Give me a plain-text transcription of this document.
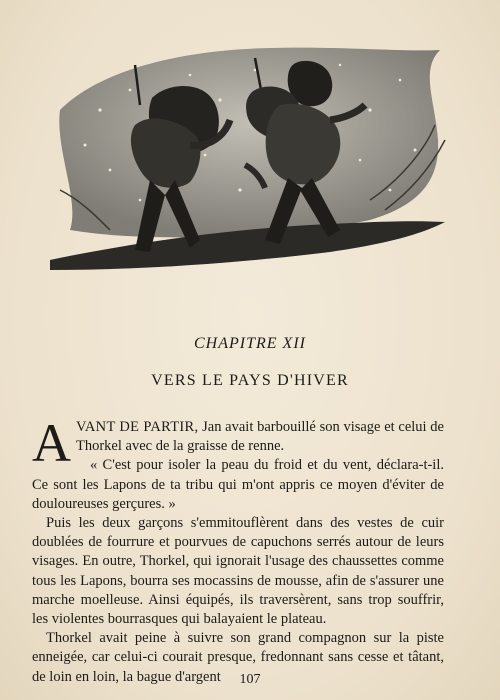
CHAPITRE XII
VERS LE PAYS D'HIVER

AVANT DE PARTIR, Jan avait barbouillé son visage et celui de Thorkel avec de la graisse de renne.

« C'est pour isoler la peau du froid et du vent, déclara-t-il. Ce sont les Lapons de ta tribu qui m'ont appris ce moyen d'éviter de douloureuses gerçures. »

Puis les deux garçons s'emmitouflèrent dans des vestes de cuir doublées de fourrure et pourvues de capuchons serrés autour de leurs visages. En outre, Thorkel, qui ignorait l'usage des chaussettes comme tous les Lapons, bourra ses mocassins de mousse, afin de s'assurer une marche moelleuse. Ainsi équipés, ils traversèrent, sans trop souffrir, les violentes bourrasques qui balayaient le plateau.

Thorkel avait peine à suivre son grand compagnon sur la piste enneigée, car celui-ci courait presque, fredonnant sans cesse et tâtant, de loin en loin, la bague d'argent	107
